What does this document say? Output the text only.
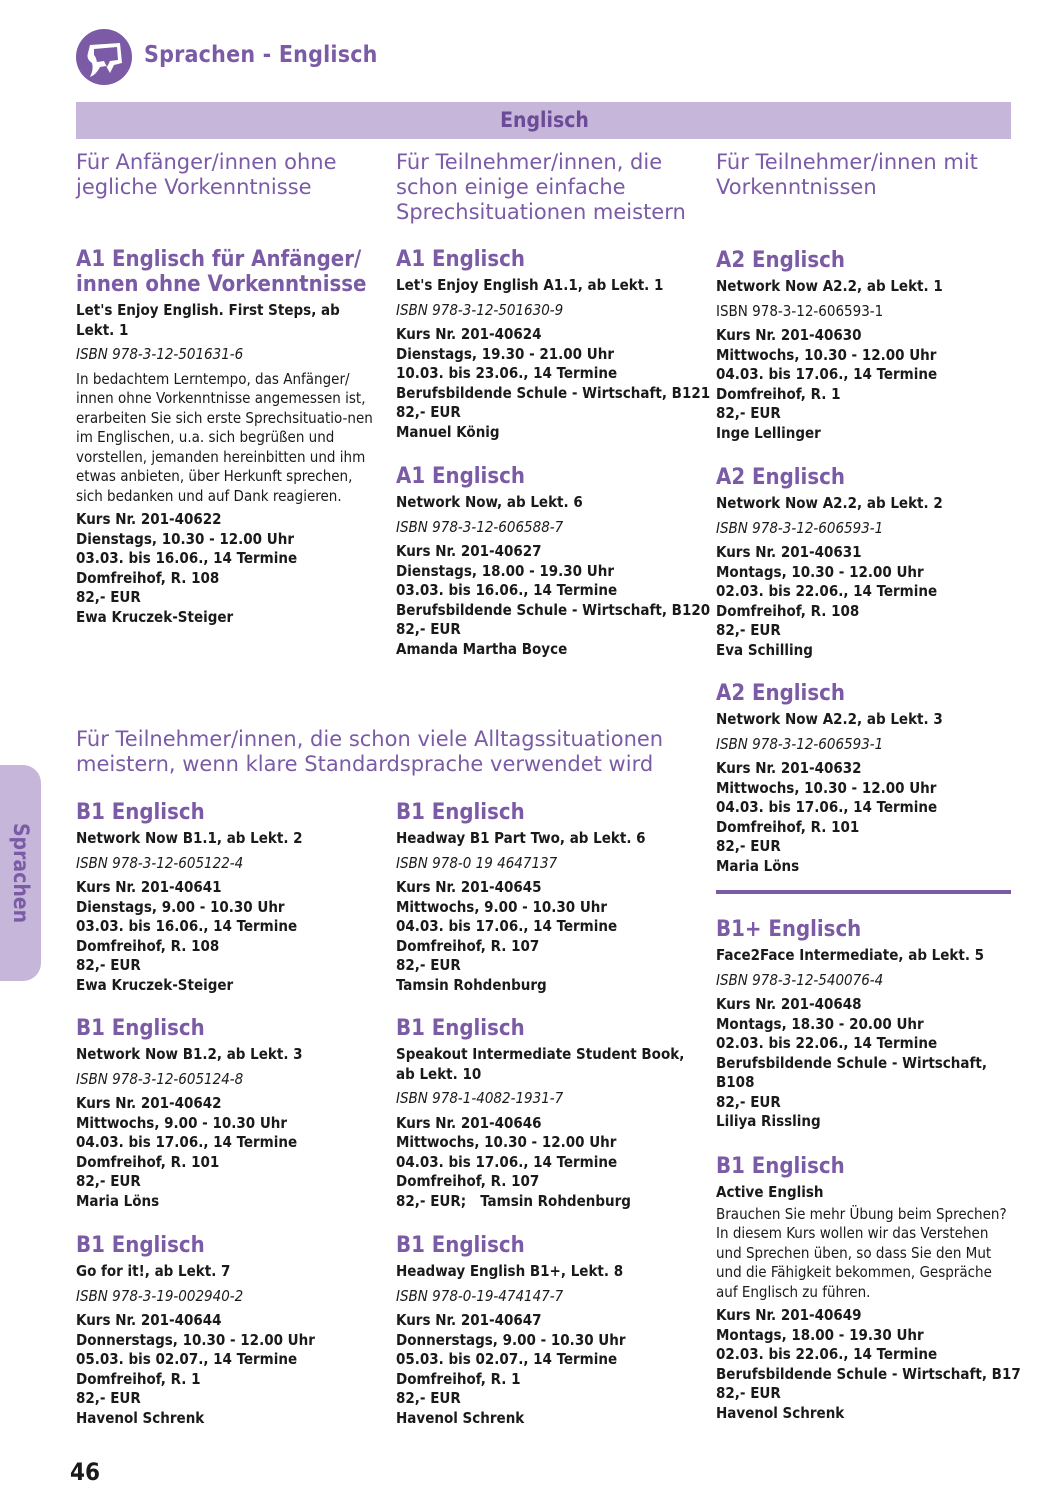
Sprachen - Englisch
Englisch
Für Anfänger/innen ohne jegliche Vorkenntnisse
Für Teilnehmer/innen, die schon einige einfache Sprechsituationen meistern
Für Teilnehmer/innen mit Vorkenntnissen
Für Teilnehmer/innen, die schon viele Alltagssituationen meistern, wenn klare Standardsprache verwendet wird
A1 Englisch für Anfänger/ innen ohne Vorkenntnisse
Let's Enjoy English. First Steps, ab Lekt. 1
ISBN 978-3-12-501631-6
In bedachtem Lerntempo, das Anfänger/ innen ohne Vorkenntnisse angemessen ist, erarbeiten Sie sich erste Sprechsituatio-nen im Englischen, u.a. sich begrüßen und vorstellen, jemanden hereinbitten und ihm etwas anbieten, über Herkunft sprechen, sich bedanken und auf Dank reagieren.
Kurs Nr. 201-40622
Dienstags, 10.30 - 12.00 Uhr
03.03. bis 16.06., 14 Termine
Domfreihof, R. 108
82,- EUR
Ewa Kruczek-Steiger
A1 Englisch
Let's Enjoy English A1.1, ab Lekt. 1
ISBN 978-3-12-501630-9
Kurs Nr. 201-40624
Dienstags, 19.30 - 21.00 Uhr
10.03. bis 23.06., 14 Termine
Berufsbildende Schule - Wirtschaft, B121
82,- EUR
Manuel König
A1 Englisch
Network Now, ab Lekt. 6
ISBN 978-3-12-606588-7
Kurs Nr. 201-40627
Dienstags, 18.00 - 19.30 Uhr
03.03. bis 16.06., 14 Termine
Berufsbildende Schule - Wirtschaft, B120
82,- EUR
Amanda Martha Boyce
A2 Englisch
Network Now A2.2, ab Lekt. 1
ISBN 978-3-12-606593-1
Kurs Nr. 201-40630
Mittwochs, 10.30 - 12.00 Uhr
04.03. bis 17.06., 14 Termine
Domfreihof, R. 1
82,- EUR
Inge Lellinger
A2 Englisch
Network Now A2.2, ab Lekt. 2
ISBN 978-3-12-606593-1
Kurs Nr. 201-40631
Montags, 10.30 - 12.00 Uhr
02.03. bis 22.06., 14 Termine
Domfreihof, R. 108
82,- EUR
Eva Schilling
A2 Englisch
Network Now A2.2, ab Lekt. 3
ISBN 978-3-12-606593-1
Kurs Nr. 201-40632
Mittwochs, 10.30 - 12.00 Uhr
04.03. bis 17.06., 14 Termine
Domfreihof, R. 101
82,- EUR
Maria Löns
B1+ Englisch
Face2Face Intermediate, ab Lekt. 5
ISBN 978-3-12-540076-4
Kurs Nr. 201-40648
Montags, 18.30 - 20.00 Uhr
02.03. bis 22.06., 14 Termine
Berufsbildende Schule - Wirtschaft, B108
82,- EUR
Liliya Rissling
B1 Englisch
Active English
Brauchen Sie mehr Übung beim Sprechen? In diesem Kurs wollen wir das Verstehen und Sprechen üben, so dass Sie den Mut und die Fähigkeit bekommen, Gespräche auf Englisch zu führen.
Kurs Nr. 201-40649
Montags, 18.00 - 19.30 Uhr
02.03. bis 22.06., 14 Termine
Berufsbildende Schule - Wirtschaft, B17
82,- EUR
Havenol Schrenk
B1 Englisch
Network Now B1.1, ab Lekt. 2
ISBN 978-3-12-605122-4
Kurs Nr. 201-40641
Dienstags, 9.00 - 10.30 Uhr
03.03. bis 16.06., 14 Termine
Domfreihof, R. 108
82,- EUR
Ewa Kruczek-Steiger
B1 Englisch
Network Now B1.2, ab Lekt. 3
ISBN 978-3-12-605124-8
Kurs Nr. 201-40642
Mittwochs, 9.00 - 10.30 Uhr
04.03. bis 17.06., 14 Termine
Domfreihof, R. 101
82,- EUR
Maria Löns
B1 Englisch
Go for it!, ab Lekt. 7
ISBN 978-3-19-002940-2
Kurs Nr. 201-40644
Donnerstags, 10.30 - 12.00 Uhr
05.03. bis 02.07., 14 Termine
Domfreihof, R. 1
82,- EUR
Havenol Schrenk
B1 Englisch
Headway B1 Part Two, ab Lekt. 6
ISBN 978-0 19 4647137
Kurs Nr. 201-40645
Mittwochs, 9.00 - 10.30 Uhr
04.03. bis 17.06., 14 Termine
Domfreihof, R. 107
82,- EUR
Tamsin Rohdenburg
B1 Englisch
Speakout Intermediate Student Book, ab Lekt. 10
ISBN 978-1-4082-1931-7
Kurs Nr. 201-40646
Mittwochs, 10.30 - 12.00 Uhr
04.03. bis 17.06., 14 Termine
Domfreihof, R. 107
82,- EUR;   Tamsin Rohdenburg
B1 Englisch
Headway English B1+, Lekt. 8
ISBN 978-0-19-474147-7
Kurs Nr. 201-40647
Donnerstags, 9.00 - 10.30 Uhr
05.03. bis 02.07., 14 Termine
Domfreihof, R. 1
82,- EUR
Havenol Schrenk
Sprachen
46
